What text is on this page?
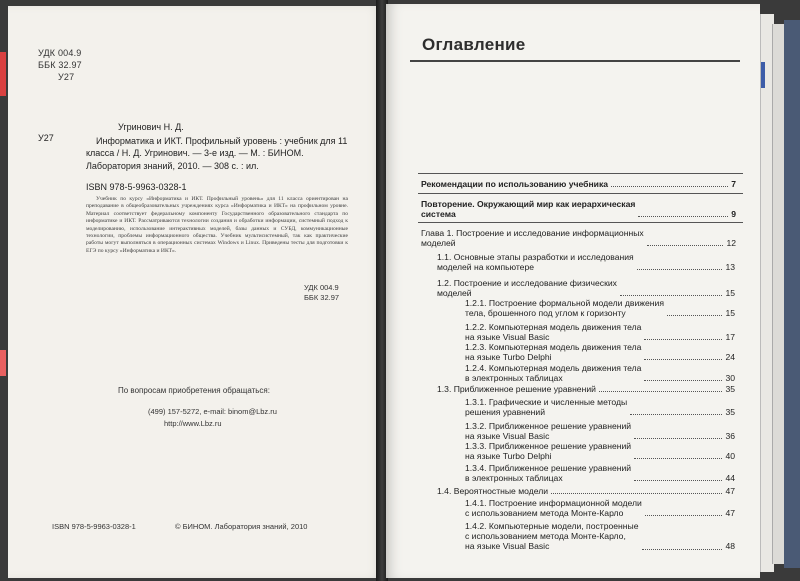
УДК 004.9
ББК 32.97
У27
Угринович Н. Д.
У27	Информатика и ИКТ. Профильный уровень : учебник для 11 класса / Н. Д. Угринович. — 3-е изд. — М. : БИНОМ. Лаборатория знаний, 2010. — 308 с. : ил.
ISBN 978-5-9963-0328-1
Учебник по курсу «Информатика и ИКТ. Профильный уровень» для 11 класса ориентирован на преподавание в общеобразовательных учреждениях курса «Информатика и ИКТ» на профильном уровне. Материал соответствует федеральному компоненту Государственного образовательного стандарта по информатике и ИКТ. Рассматриваются технологии создания и обработки информации, системный подход к моделированию, использование интерактивных моделей, базы данных и СУБД, коммуникационные технологии, проблемы информационного общества. Учебник мультисистемный, так как практические работы могут выполняться в операционных системах Windows и Linux. Приведены тесты для подготовки к ЕГЭ по курсу «Информатика и ИКТ».
УДК 004.9
ББК 32.97
По вопросам приобретения обращаться:
(499) 157-5272, e-mail: binom@Lbz.ru
http://www.Lbz.ru
ISBN 978-5-9963-0328-1	© БИНОМ. Лаборатория знаний, 2010
Оглавление
Рекомендации по использованию учебника	7
Повторение. Окружающий мир как иерархическая
система	9
Глава 1. Построение и исследование информационных
моделей	12
1.1. Основные этапы разработки и исследования
моделей на компьютере	13
1.2. Построение и исследование физических
моделей	15
1.2.1. Построение формальной модели движения
тела, брошенного под углом к горизонту	15
1.2.2. Компьютерная модель движения тела
на языке Visual Basic	17
1.2.3. Компьютерная модель движения тела
на языке Turbo Delphi	24
1.2.4. Компьютерная модель движения тела
в электронных таблицах	30
1.3. Приближенное решение уравнений	35
1.3.1. Графические и численные методы
решения уравнений	35
1.3.2. Приближенное решение уравнений
на языке Visual Basic	36
1.3.3. Приближенное решение уравнений
на языке Turbo Delphi	40
1.3.4. Приближенное решение уравнений
в электронных таблицах	44
1.4. Вероятностные модели	47
1.4.1. Построение информационной модели
с использованием метода Монте-Карло	47
1.4.2. Компьютерные модели, построенные
с использованием метода Монте-Карло,
на языке Visual Basic	48
